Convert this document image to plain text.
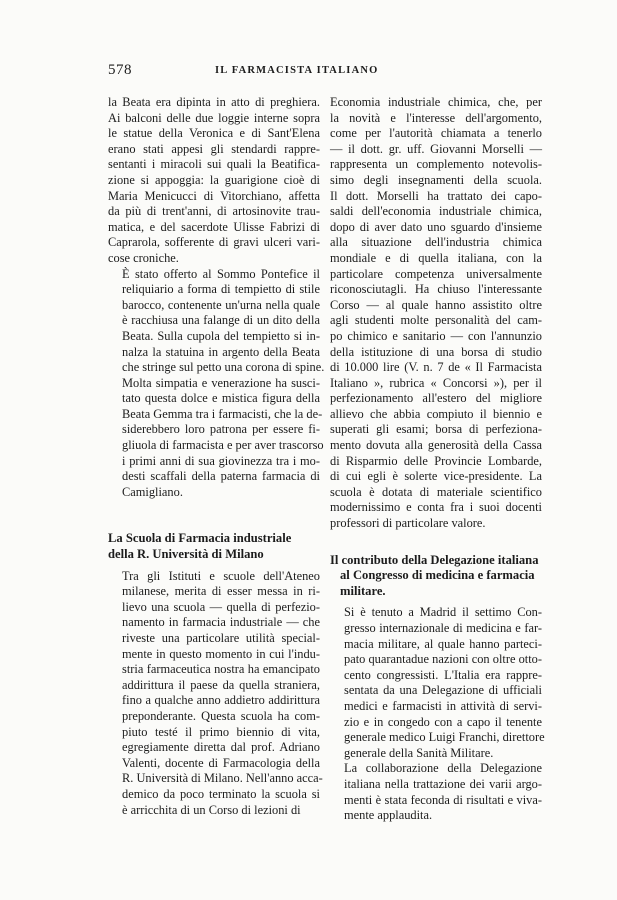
578	IL FARMACISTA ITALIANO

la Beata era dipinta in atto di preghiera.
Ai balconi delle due loggie interne sopra
le statue della Veronica e di Sant'Elena
erano stati appesi gli stendardi rappre-
sentanti i miracoli sui quali la Beatifica-
zione si appoggia: la guarigione cioè di
Maria Menicucci di Vitorchiano, affetta
da più di trent'anni, di artosinovite trau-
matica, e del sacerdote Ulisse Fabrizi di
Caprarola, sofferente di gravi ulceri vari-
cose croniche.

È stato offerto al Sommo Pontefice il
reliquiario a forma di tempietto di stile
barocco, contenente un'urna nella quale
è racchiusa una falange di un dito della
Beata. Sulla cupola del tempietto si in-
nalza la statuina in argento della Beata
che stringe sul petto una corona di spine.

Molta simpatia e venerazione ha susci-
tato questa dolce e mistica figura della
Beata Gemma tra i farmacisti, che la de-
siderebbero loro patrona per essere fi-
gliuola di farmacista e per aver trascorso
i primi anni di sua giovinezza tra i mo-
desti scaffali della paterna farmacia di
Camigliano.

La Scuola di Farmacia industriale
della R. Università di Milano

Tra gli Istituti e scuole dell'Ateneo
milanese, merita di esser messa in ri-
lievo una scuola — quella di perfezio-
namento in farmacia industriale — che
riveste una particolare utilità special-
mente in questo momento in cui l'indu-
stria farmaceutica nostra ha emancipato
addirittura il paese da quella straniera,
fino a qualche anno addietro addirittura
preponderante. Questa scuola ha com-
piuto testé il primo biennio di vita,
egregiamente diretta dal prof. Adriano
Valenti, docente di Farmacologia della
R. Università di Milano. Nell'anno acca-
demico da poco terminato la scuola si
è arricchita di un Corso di lezioni di

Economia industriale chimica, che, per
la novità e l'interesse dell'argomento,
come per l'autorità chiamata a tenerlo
— il dott. gr. uff. Giovanni Morselli —
rappresenta un complemento notevolis-
simo degli insegnamenti della scuola.
Il dott. Morselli ha trattato dei capo-
saldi dell'economia industriale chimica,
dopo di aver dato uno sguardo d'insieme
alla situazione dell'industria chimica
mondiale e di quella italiana, con la
particolare competenza universalmente
riconosciutagli. Ha chiuso l'interessante
Corso — al quale hanno assistito oltre
agli studenti molte personalità del cam-
po chimico e sanitario — con l'annunzio
della istituzione di una borsa di studio
di 10.000 lire (V. n. 7 de « Il Farmacista
Italiano », rubrica « Concorsi »), per il
perfezionamento all'estero del migliore
allievo che abbia compiuto il biennio e
superati gli esami; borsa di perfeziona-
mento dovuta alla generosità della Cassa
di Risparmio delle Provincie Lombarde,
di cui egli è solerte vice-presidente. La
scuola è dotata di materiale scientifico
modernissimo e conta fra i suoi docenti
professori di particolare valore.

Il contributo della Delegazione italiana
al Congresso di medicina e farmacia
militare.

Si è tenuto a Madrid il settimo Con-
gresso internazionale di medicina e far-
macia militare, al quale hanno parteci-
pato quarantadue nazioni con oltre otto-
cento congressisti. L'Italia era rappre-
sentata da una Delegazione di ufficiali
medici e farmacisti in attività di servi-
zio e in congedo con a capo il tenente
generale medico Luigi Franchi, direttore
generale della Sanità Militare.

La collaborazione della Delegazione
italiana nella trattazione dei varii argo-
menti è stata feconda di risultati e viva-
mente applaudita.
